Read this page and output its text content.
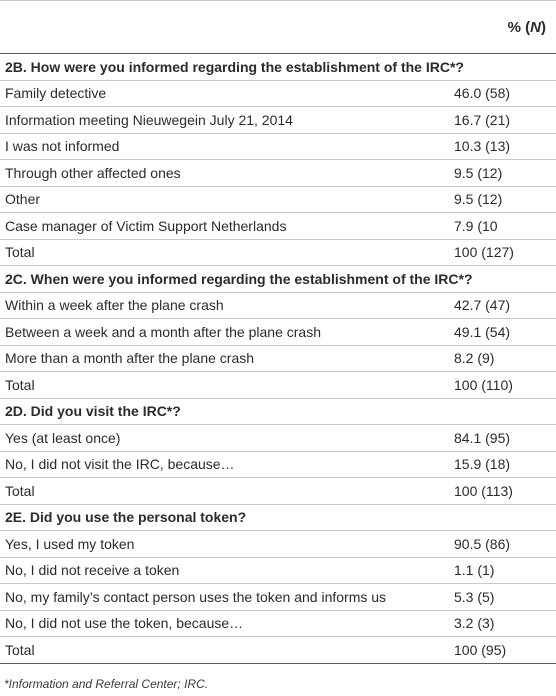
% (N)
2B. How were you informed regarding the establishment of the IRC*?
Family detective	46.0 (58)
Information meeting Nieuwegein July 21, 2014	16.7 (21)
I was not informed	10.3 (13)
Through other affected ones	9.5 (12)
Other	9.5 (12)
Case manager of Victim Support Netherlands	7.9 (10
Total	100 (127)
2C. When were you informed regarding the establishment of the IRC*?
Within a week after the plane crash	42.7 (47)
Between a week and a month after the plane crash	49.1 (54)
More than a month after the plane crash	8.2 (9)
Total	100 (110)
2D. Did you visit the IRC*?
Yes (at least once)	84.1 (95)
No, I did not visit the IRC, because…	15.9 (18)
Total	100 (113)
2E. Did you use the personal token?
Yes, I used my token	90.5 (86)
No, I did not receive a token	1.1 (1)
No, my family’s contact person uses the token and informs us	5.3 (5)
No, I did not use the token, because…	3.2 (3)
Total	100 (95)
*Information and Referral Center; IRC.
